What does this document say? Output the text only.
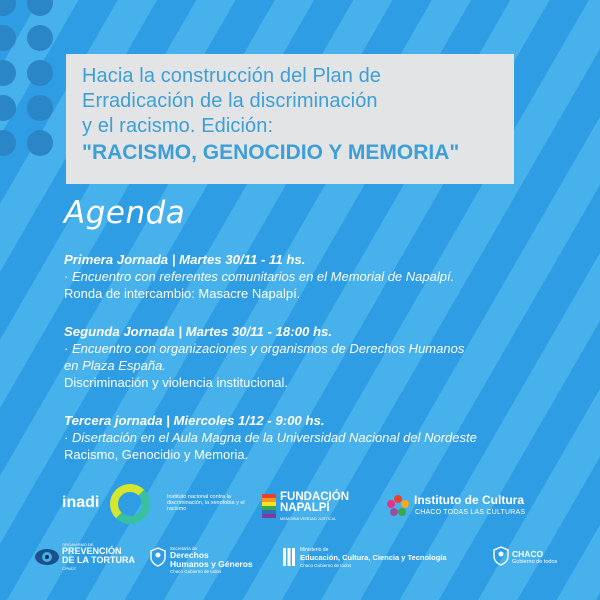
Hacia la construcción del Plan de
Erradicación de la discriminación
y el racismo. Edición:
"RACISMO, GENOCIDIO Y MEMORIA"
Agenda
Primera Jornada | Martes 30/11 - 11 hs.
· Encuentro con referentes comunitarios en el Memorial de Napalpí.
Ronda de intercambio: Masacre Napalpí.
Segunda Jornada | Martes 30/11 - 18:00 hs.
· Encuentro con organizaciones y organismos de Derechos Humanos
en Plaza España.
Discriminación y violencia institucional.
Tercera jornada | Miercoles 1/12 - 9:00 hs.
· Disertación en el Aula Magna de la Universidad Nacional del Nordeste
Racismo, Genocidio y Memoria.
inadi	Instituto nacional contra la discriminación, la xenofobia y el racismo
FUNDACIÓN
NAPALPÍ
MEMORIA VERDAD JUSTICIA
Instituto de Cultura
CHACO TODAS LAS CULTURAS
ORGANISMO DE
PREVENCIÓN
DE LA TORTURA
CPMDT
Secretaría de
Derechos
Humanos y Géneros
Chaco Gobierno de todos
Ministerio de
Educación, Cultura, Ciencia y Tecnología
Chaco Gobierno de todos
CHACO
Gobierno de todos
